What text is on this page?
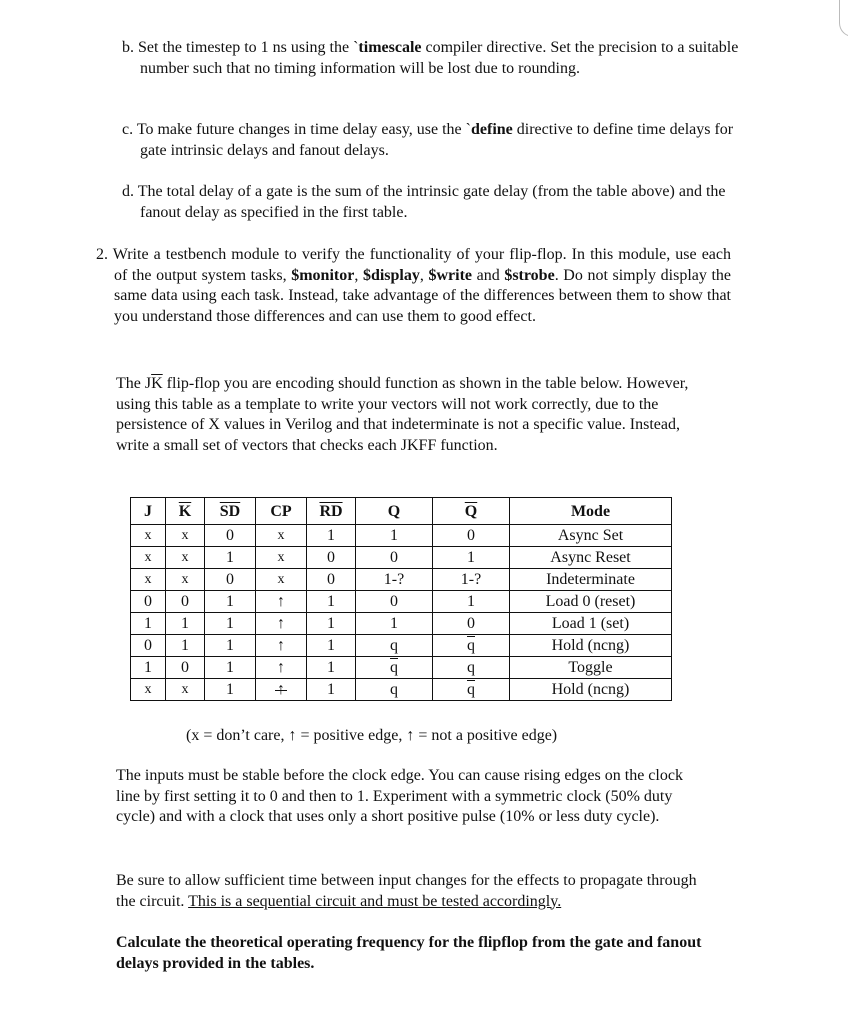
b. Set the timestep to 1 ns using the `timescale compiler directive. Set the precision to a suitable number such that no timing information will be lost due to rounding.

c. To make future changes in time delay easy, use the `define directive to define time delays for gate intrinsic delays and fanout delays.

d. The total delay of a gate is the sum of the intrinsic gate delay (from the table above) and the fanout delay as specified in the first table.

2. Write a testbench module to verify the functionality of your flip-flop. In this module, use each of the output system tasks, $monitor, $display, $write and $strobe. Do not simply display the same data using each task. Instead, take advantage of the differences between them to show that you understand those differences and can use them to good effect.

The $J\overline{K}$ flip-flop you are encoding should function as shown in the table below. However, using this table as a template to write your vectors will not work correctly, due to the persistence of X values in Verilog and that indeterminate is not a specific value. Instead, write a small set of vectors that checks each JKFF function.

J	$\overline{K}$	$\overline{SD}$	CP	$\overline{RD}$	Q	$\overline{Q}$	Mode
x	x	0	x	1	1	0	Async Set
x	x	1	x	0	0	1	Async Reset
x	x	0	x	0	1-?	1-?	Indeterminate
0	0	1	↑	1	0	1	Load 0 (reset)
1	1	1	↑	1	1	0	Load 1 (set)
0	1	1	↑	1	q	$\overline{q}$	Hold (ncng)
1	0	1	↑	1	$\overline{q}$	q	Toggle
x	x	1	↑	1	q	$\overline{q}$	Hold (ncng)

(x = don’t care, ↑ = positive edge, ↑ = not a positive edge)

The inputs must be stable before the clock edge. You can cause rising edges on the clock line by first setting it to 0 and then to 1. Experiment with a symmetric clock (50% duty cycle) and with a clock that uses only a short positive pulse (10% or less duty cycle).

Be sure to allow sufficient time between input changes for the effects to propagate through the circuit. This is a sequential circuit and must be tested accordingly.

Calculate the theoretical operating frequency for the flipflop from the gate and fanout delays provided in the tables.
